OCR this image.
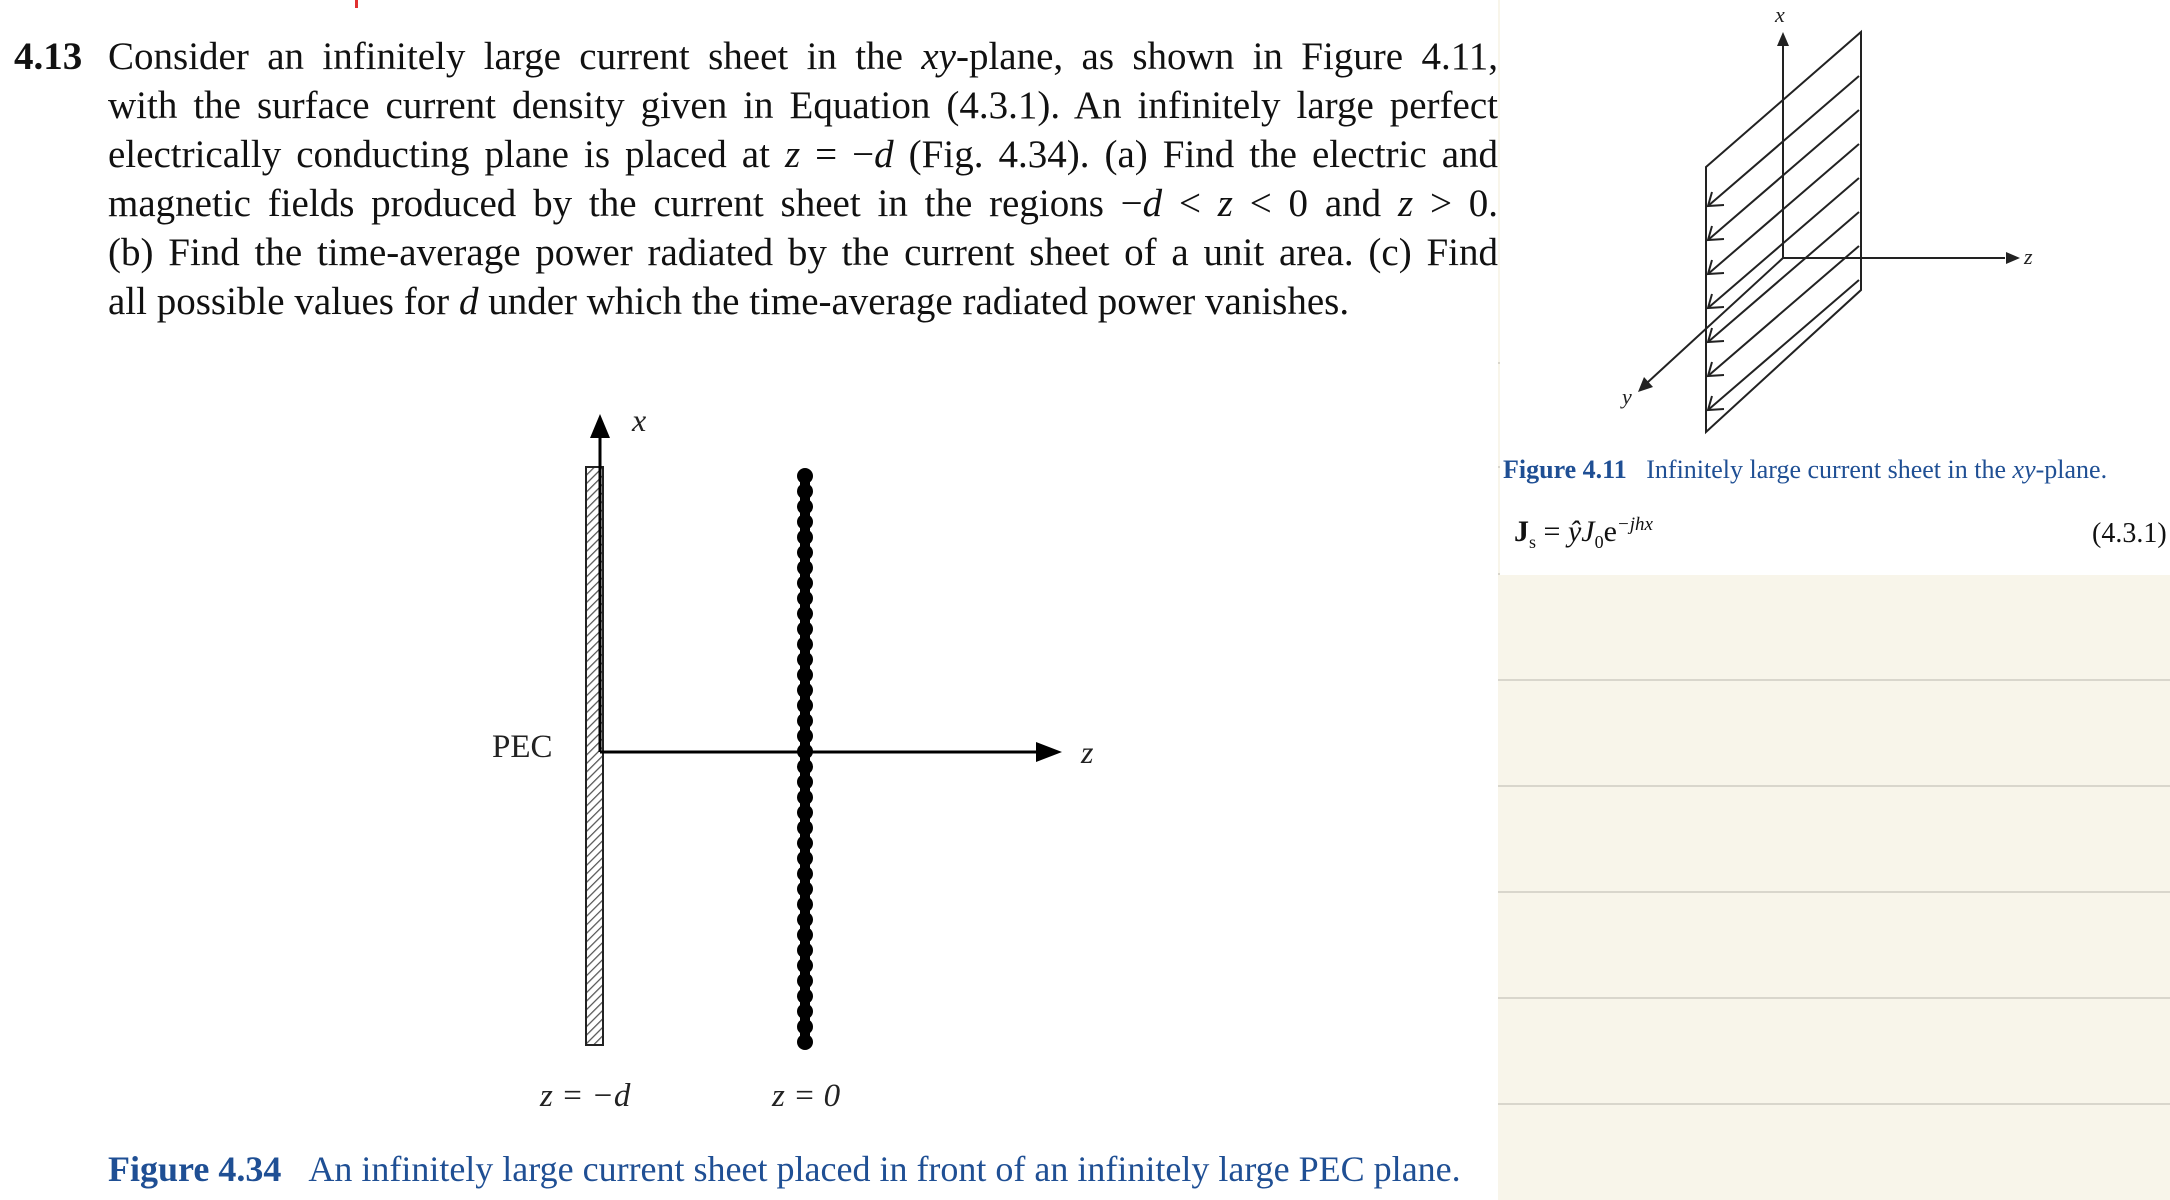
4.13 Consider an infinitely large current sheet in the xy-plane, as shown in Figure 4.11,
with the surface current density given in Equation (4.3.1). An infinitely large perfect
electrically conducting plane is placed at z = −d (Fig. 4.34). (a) Find the electric and
magnetic fields produced by the current sheet in the regions −d < z < 0 and z > 0.
(b) Find the time-average power radiated by the current sheet of a unit area. (c) Find
all possible values for d under which the time-average radiated power vanishes.
x
z
PEC
z = −d	z = 0
Figure 4.34 An infinitely large current sheet placed in front of an infinitely large PEC plane.
x
z
y
Figure 4.11 Infinitely large current sheet in the xy-plane.
$J_s$ = $ŷJ_0e^{-jhx}$	(4.3.1)
